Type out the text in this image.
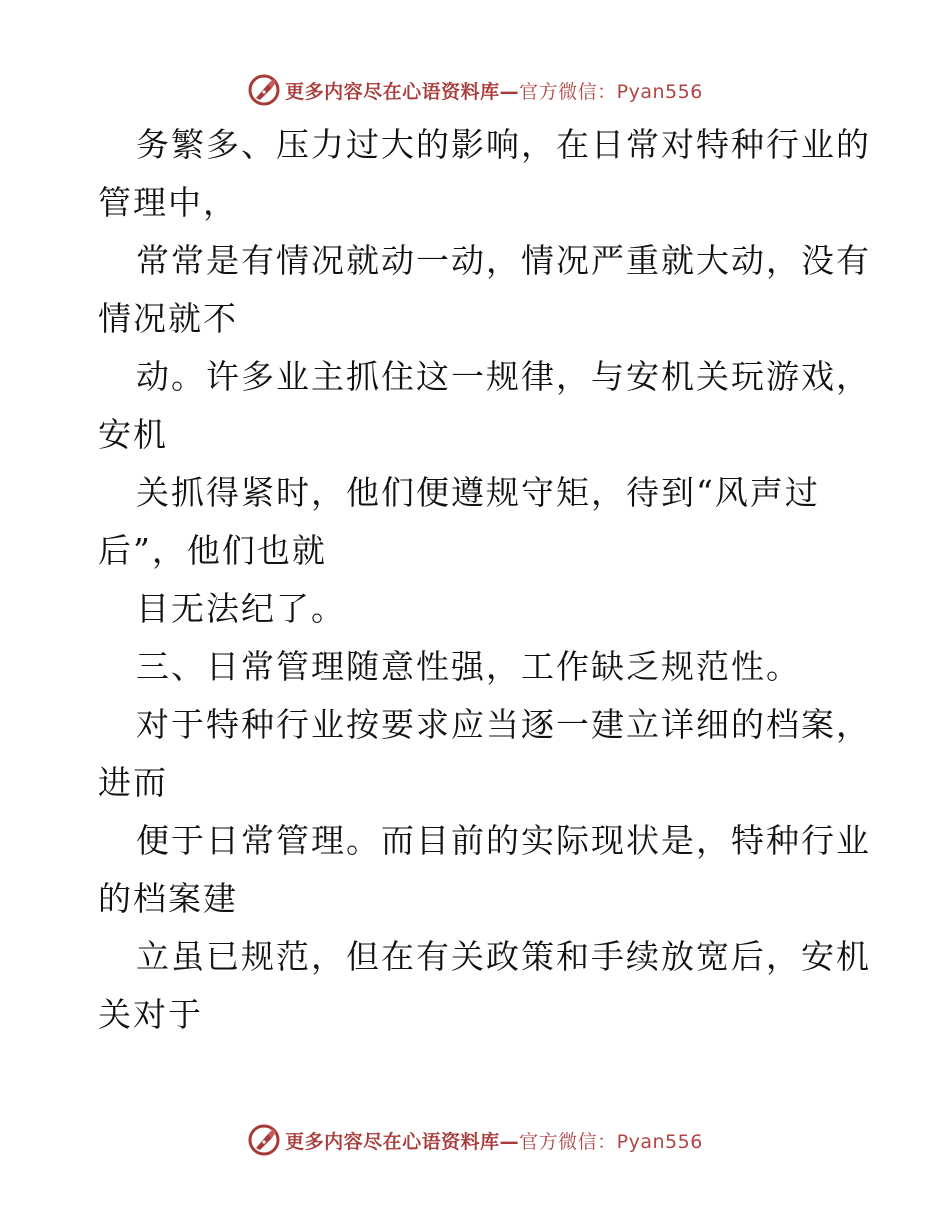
更多内容尽在心语资料库—官方微信：Pyan556
务繁多、压力过大的影响，在日常对特种行业的
管理中，
常常是有情况就动一动，情况严重就大动，没有
情况就不
动。许多业主抓住这一规律，与安机关玩游戏，
安机
关抓得紧时，他们便遵规守矩，待到“风声过
后”，他们也就
目无法纪了。
三、日常管理随意性强，工作缺乏规范性。
对于特种行业按要求应当逐一建立详细的档案，
进而
便于日常管理。而目前的实际现状是，特种行业
的档案建
立虽已规范，但在有关政策和手续放宽后，安机
关对于
更多内容尽在心语资料库—官方微信：Pyan556
